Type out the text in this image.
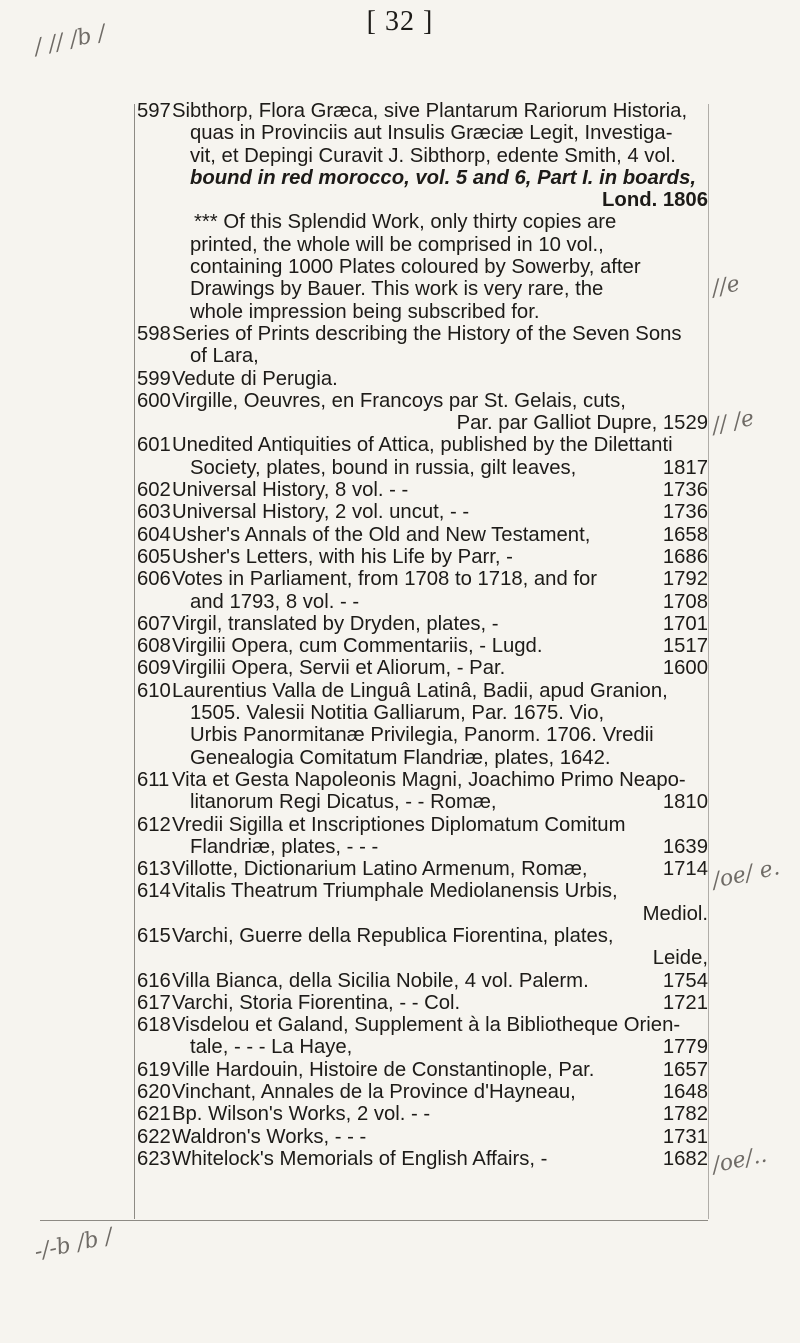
[ 32 ]
/ // /b /
//e
// /e
/oe/ e.
/oe/..
-/-b /b /
597 Sibthorp, Flora Græca, sive Plantarum Rariorum Historia,
quas in Provinciis aut Insulis Græciæ Legit, Investiga-
vit, et Depingi Curavit J. Sibthorp, edente Smith, 4 vol.
bound in red morocco, vol. 5 and 6, Part I. in boards,
Lond. 1806
*** Of this Splendid Work, only thirty copies are
printed, the whole will be comprised in 10 vol.,
containing 1000 Plates coloured by Sowerby, after
Drawings by Bauer. This work is very rare, the
whole impression being subscribed for.
598 Series of Prints describing the History of the Seven Sons
of Lara,
599 Vedute di Perugia.
600 Virgille, Oeuvres, en Francoys par St. Gelais, cuts,
Par. par Galliot Dupre, 1529
601 Unedited Antiquities of Attica, published by the Dilettanti
Society, plates, bound in russia, gilt leaves,	1817
602 Universal History, 8 vol. - -	1736
603 Universal History, 2 vol. uncut, - -	1736
604 Usher's Annals of the Old and New Testament,	1658
605 Usher's Letters, with his Life by Parr, -	1686
606 Votes in Parliament, from 1708 to 1718, and for	1792
and 1793, 8 vol. - -	1708
607 Virgil, translated by Dryden, plates, -	1701
608 Virgilii Opera, cum Commentariis, - Lugd.	1517
609 Virgilii Opera, Servii et Aliorum, - Par.	1600
610 Laurentius Valla de Linguâ Latinâ, Badii, apud Granion,
1505. Valesii Notitia Galliarum, Par. 1675. Vio,
Urbis Panormitanæ Privilegia, Panorm. 1706. Vredii
Genealogia Comitatum Flandriæ, plates, 1642.
611 Vita et Gesta Napoleonis Magni, Joachimo Primo Neapo-
litanorum Regi Dicatus, - - Romæ,	1810
612 Vredii Sigilla et Inscriptiones Diplomatum Comitum
Flandriæ, plates, - - -	1639
613 Villotte, Dictionarium Latino Armenum, Romæ,	1714
614 Vitalis Theatrum Triumphale Mediolanensis Urbis,
Mediol.
615 Varchi, Guerre della Republica Fiorentina, plates,
Leide,
616 Villa Bianca, della Sicilia Nobile, 4 vol. Palerm.	1754
617 Varchi, Storia Fiorentina, - - Col.	1721
618 Visdelou et Galand, Supplement à la Bibliotheque Orien-
tale, - - - La Haye,	1779
619 Ville Hardouin, Histoire de Constantinople, Par.	1657
620 Vinchant, Annales de la Province d'Hayneau,	1648
621 Bp. Wilson's Works, 2 vol. - -	1782
622 Waldron's Works, - - -	1731
623 Whitelock's Memorials of English Affairs, -	1682
